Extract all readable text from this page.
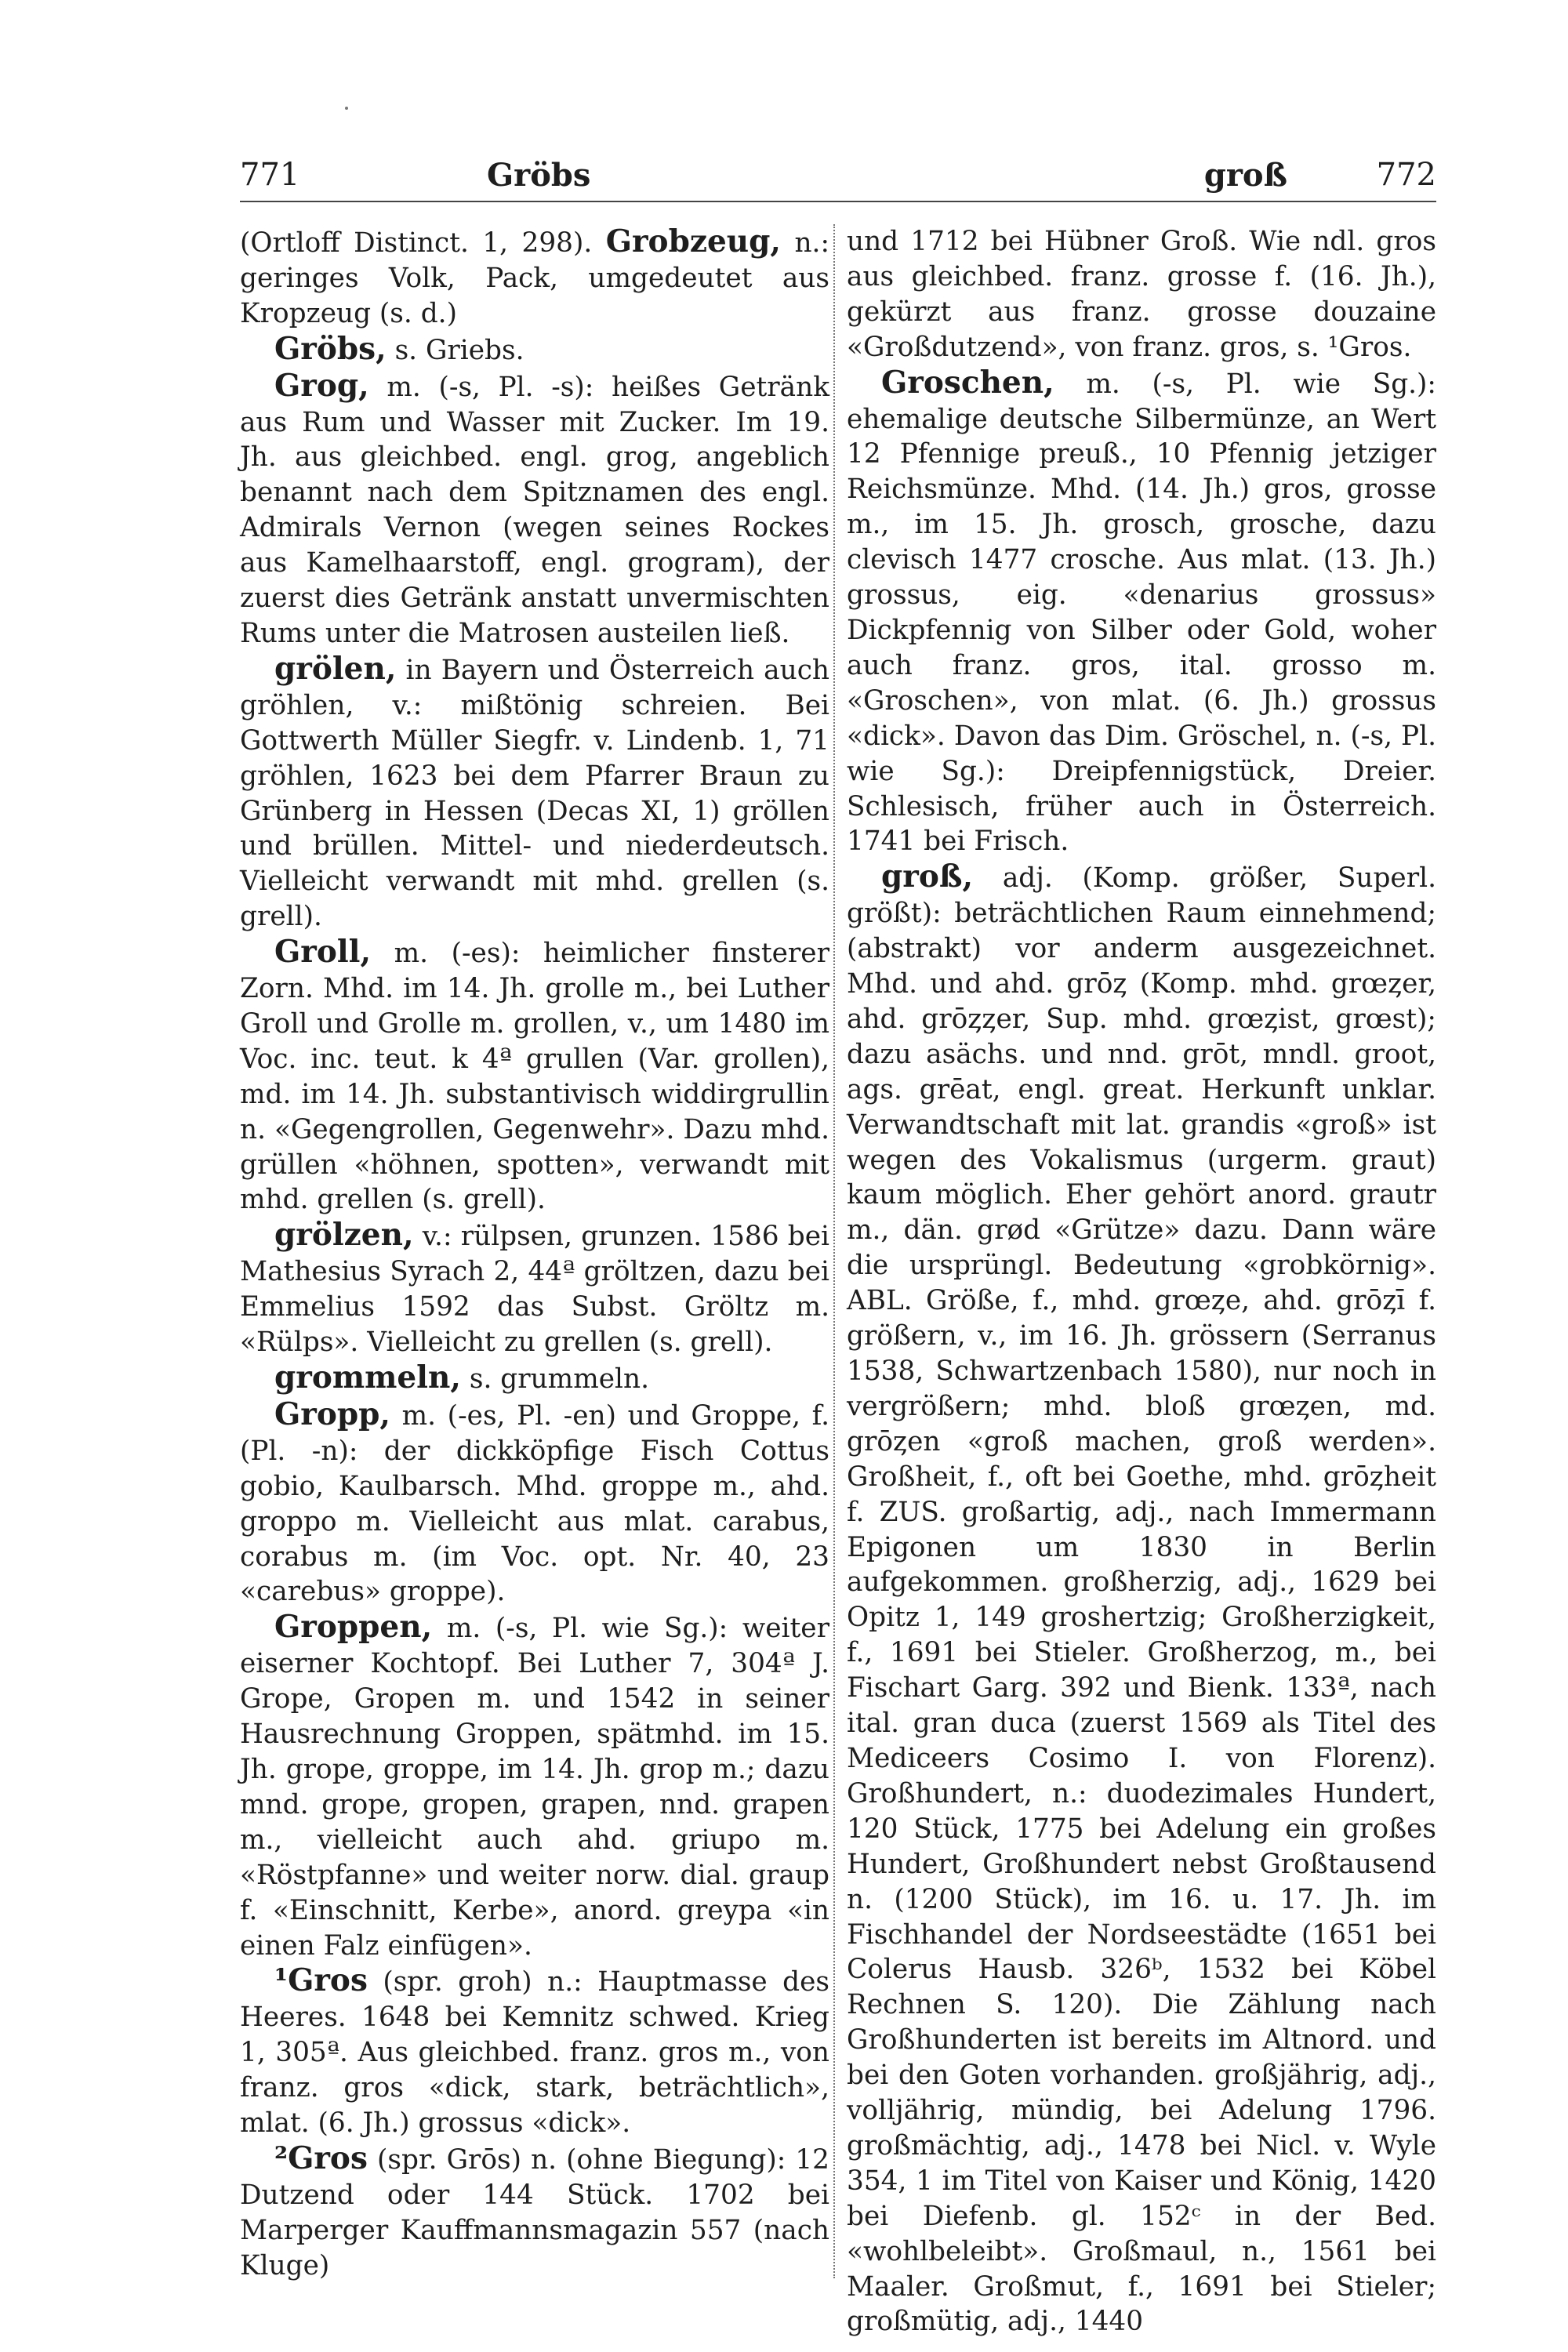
771	Gröbs	groß	772

(Ortloff Distinct. 1, 298). Grobzeug, n.: geringes Volk, Pack, umgedeutet aus Kropzeug (s. d.)

Gröbs, s. Griebs.

Grog, m. (-s, Pl. -s): heißes Getränk aus Rum und Wasser mit Zucker. Im 19. Jh. aus gleichbed. engl. grog, angeblich benannt nach dem Spitznamen des engl. Admirals Vernon (wegen seines Rockes aus Kamelhaarstoff, engl. grogram), der zuerst dies Getränk anstatt unvermischten Rums unter die Matrosen austeilen ließ.

grölen, in Bayern und Österreich auch gröhlen, v.: mißtönig schreien. Bei Gottwerth Müller Siegfr. v. Lindenb. 1, 71 gröhlen, 1623 bei dem Pfarrer Braun zu Grünberg in Hessen (Decas XI, 1) gröllen und brüllen. Mittel- und niederdeutsch. Vielleicht verwandt mit mhd. grellen (s. grell).

Groll, m. (-es): heimlicher finsterer Zorn. Mhd. im 14. Jh. grolle m., bei Luther Groll und Grolle m. grollen, v., um 1480 im Voc. inc. teut. k 4ª grullen (Var. grollen), md. im 14. Jh. substantivisch widdirgrullin n. «Gegengrollen, Gegenwehr». Dazu mhd. grüllen «höhnen, spotten», verwandt mit mhd. grellen (s. grell).

grölzen, v.: rülpsen, grunzen. 1586 bei Mathesius Syrach 2, 44ª gröltzen, dazu bei Emmelius 1592 das Subst. Gröltz m. «Rülps». Vielleicht zu grellen (s. grell).

grommeln, s. grummeln.

Gropp, m. (-es, Pl. -en) und Groppe, f. (Pl. -n): der dickköpfige Fisch Cottus gobio, Kaulbarsch. Mhd. groppe m., ahd. groppo m. Vielleicht aus mlat. carabus, corabus m. (im Voc. opt. Nr. 40, 23 «carebus» groppe).

Groppen, m. (-s, Pl. wie Sg.): weiter eiserner Kochtopf. Bei Luther 7, 304ª J. Grope, Gropen m. und 1542 in seiner Hausrechnung Groppen, spätmhd. im 15. Jh. grope, groppe, im 14. Jh. grop m.; dazu mnd. grope, gropen, grapen, nnd. grapen m., vielleicht auch ahd. griupo m. «Röstpfanne» und weiter norw. dial. graup f. «Einschnitt, Kerbe», anord. greypa «in einen Falz einfügen».

¹Gros (spr. groh) n.: Hauptmasse des Heeres. 1648 bei Kemnitz schwed. Krieg 1, 305ª. Aus gleichbed. franz. gros m., von franz. gros «dick, stark, beträchtlich», mlat. (6. Jh.) grossus «dick».

²Gros (spr. Grōs) n. (ohne Biegung): 12 Dutzend oder 144 Stück. 1702 bei Marperger Kauffmannsmagazin 557 (nach Kluge)

und 1712 bei Hübner Groß. Wie ndl. gros aus gleichbed. franz. grosse f. (16. Jh.), gekürzt aus franz. grosse douzaine «Großdutzend», von franz. gros, s. ¹Gros.

Groschen, m. (-s, Pl. wie Sg.): ehemalige deutsche Silbermünze, an Wert 12 Pfennige preuß., 10 Pfennig jetziger Reichsmünze. Mhd. (14. Jh.) gros, grosse m., im 15. Jh. grosch, grosche, dazu clevisch 1477 crosche. Aus mlat. (13. Jh.) grossus, eig. «denarius grossus» Dickpfennig von Silber oder Gold, woher auch franz. gros, ital. grosso m. «Groschen», von mlat. (6. Jh.) grossus «dick». Davon das Dim. Gröschel, n. (-s, Pl. wie Sg.): Dreipfennigstück, Dreier. Schlesisch, früher auch in Österreich. 1741 bei Frisch.

groß, adj. (Komp. größer, Superl. größt): beträchtlichen Raum einnehmend; (abstrakt) vor anderm ausgezeichnet. Mhd. und ahd. grōȥ (Komp. mhd. grœȥer, ahd. grōȥȥer, Sup. mhd. grœȥist, grœst); dazu asächs. und nnd. grōt, mndl. groot, ags. grēat, engl. great. Herkunft unklar. Verwandtschaft mit lat. grandis «groß» ist wegen des Vokalismus (urgerm. graut) kaum möglich. Eher gehört anord. grautr m., dän. grød «Grütze» dazu. Dann wäre die ursprüngl. Bedeutung «grobkörnig». ABL. Größe, f., mhd. grœȥe, ahd. grōȥī f. größern, v., im 16. Jh. grössern (Serranus 1538, Schwartzenbach 1580), nur noch in vergrößern; mhd. bloß grœȥen, md. grōȥen «groß machen, groß werden». Großheit, f., oft bei Goethe, mhd. grōȥheit f. ZUS. großartig, adj., nach Immermann Epigonen um 1830 in Berlin aufgekommen. großherzig, adj., 1629 bei Opitz 1, 149 groshertzig; Großherzigkeit, f., 1691 bei Stieler. Großherzog, m., bei Fischart Garg. 392 und Bienk. 133ª, nach ital. gran duca (zuerst 1569 als Titel des Mediceers Cosimo I. von Florenz). Großhundert, n.: duodezimales Hundert, 120 Stück, 1775 bei Adelung ein großes Hundert, Großhundert nebst Großtausend n. (1200 Stück), im 16. u. 17. Jh. im Fischhandel der Nordseestädte (1651 bei Colerus Hausb. 326ᵇ, 1532 bei Köbel Rechnen S. 120). Die Zählung nach Großhunderten ist bereits im Altnord. und bei den Goten vorhanden. großjährig, adj., volljährig, mündig, bei Adelung 1796. großmächtig, adj., 1478 bei Nicl. v. Wyle 354, 1 im Titel von Kaiser und König, 1420 bei Diefenb. gl. 152ᶜ in der Bed. «wohlbeleibt». Großmaul, n., 1561 bei Maaler. Großmut, f., 1691 bei Stieler; großmütig, adj., 1440
